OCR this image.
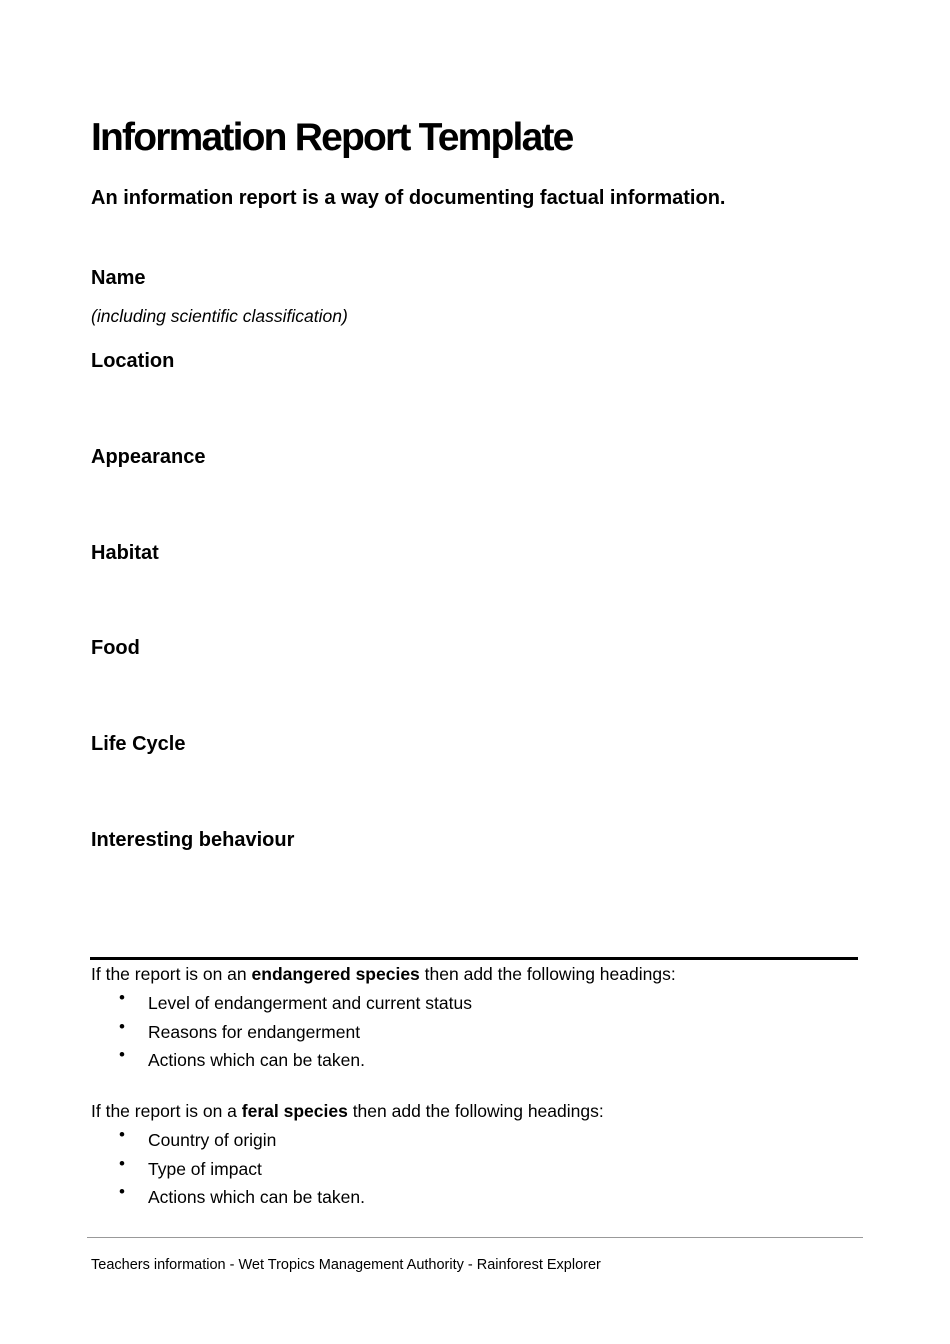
Information Report Template

An information report is a way of documenting factual information.

Name

(including scientific classification)

Location
Appearance
Habitat
Food
Life Cycle
Interesting behaviour

If the report is on an endangered species then add the following headings:

• Level of endangerment and current status
• Reasons for endangerment
• Actions which can be taken.

If the report is on a feral species then add the following headings:

• Country of origin
• Type of impact
• Actions which can be taken.

Teachers information - Wet Tropics Management Authority - Rainforest Explorer
